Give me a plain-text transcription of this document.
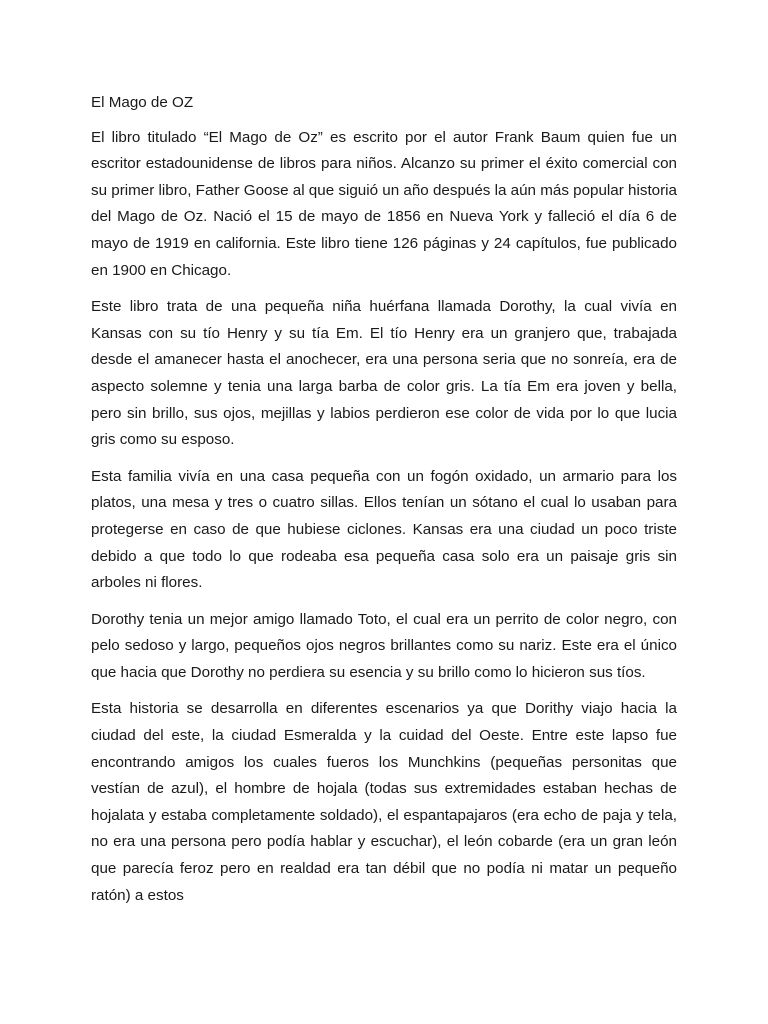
El Mago de OZ

El libro titulado “El Mago de Oz” es escrito por el autor Frank Baum quien fue un escritor estadounidense de libros para niños. Alcanzo su primer el éxito comercial con su primer libro, Father Goose al que siguió un año después la aún más popular historia del Mago de Oz. Nació el 15 de mayo de 1856 en Nueva York y falleció el día 6 de mayo de 1919 en california. Este libro tiene 126 páginas y 24 capítulos, fue publicado en 1900 en Chicago.

Este libro trata de una pequeña niña huérfana llamada Dorothy, la cual vivía en Kansas con su tío Henry y su tía Em. El tío Henry era un granjero que, trabajada desde el amanecer hasta el anochecer, era una persona seria que no sonreía, era de aspecto solemne y tenia una larga barba de color gris. La tía Em era joven y bella, pero sin brillo, sus ojos, mejillas y labios perdieron ese color de vida por lo que lucia gris como su esposo.

Esta familia vivía en una casa pequeña con un fogón oxidado, un armario para los platos, una mesa y tres o cuatro sillas. Ellos tenían un sótano el cual lo usaban para protegerse en caso de que hubiese ciclones. Kansas era una ciudad un poco triste debido a que todo lo que rodeaba esa pequeña casa solo era un paisaje gris sin arboles ni flores.

Dorothy tenia un mejor amigo llamado Toto, el cual era un perrito de color negro, con pelo sedoso y largo, pequeños ojos negros brillantes como su nariz. Este era el único que hacia que Dorothy no perdiera su esencia y su brillo como lo hicieron sus tíos.

Esta historia se desarrolla en diferentes escenarios ya que Dorithy viajo hacia la ciudad del este, la ciudad Esmeralda y la cuidad del Oeste. Entre este lapso fue encontrando amigos los cuales fueros los Munchkins (pequeñas personitas que vestían de azul), el hombre de hojala (todas sus extremidades estaban hechas de hojalata y estaba completamente soldado), el espantapajaros (era echo de paja y tela, no era una persona pero podía hablar y escuchar), el león cobarde (era un gran león que parecía feroz pero en realdad era tan débil que no podía ni matar un pequeño ratón) a estos
